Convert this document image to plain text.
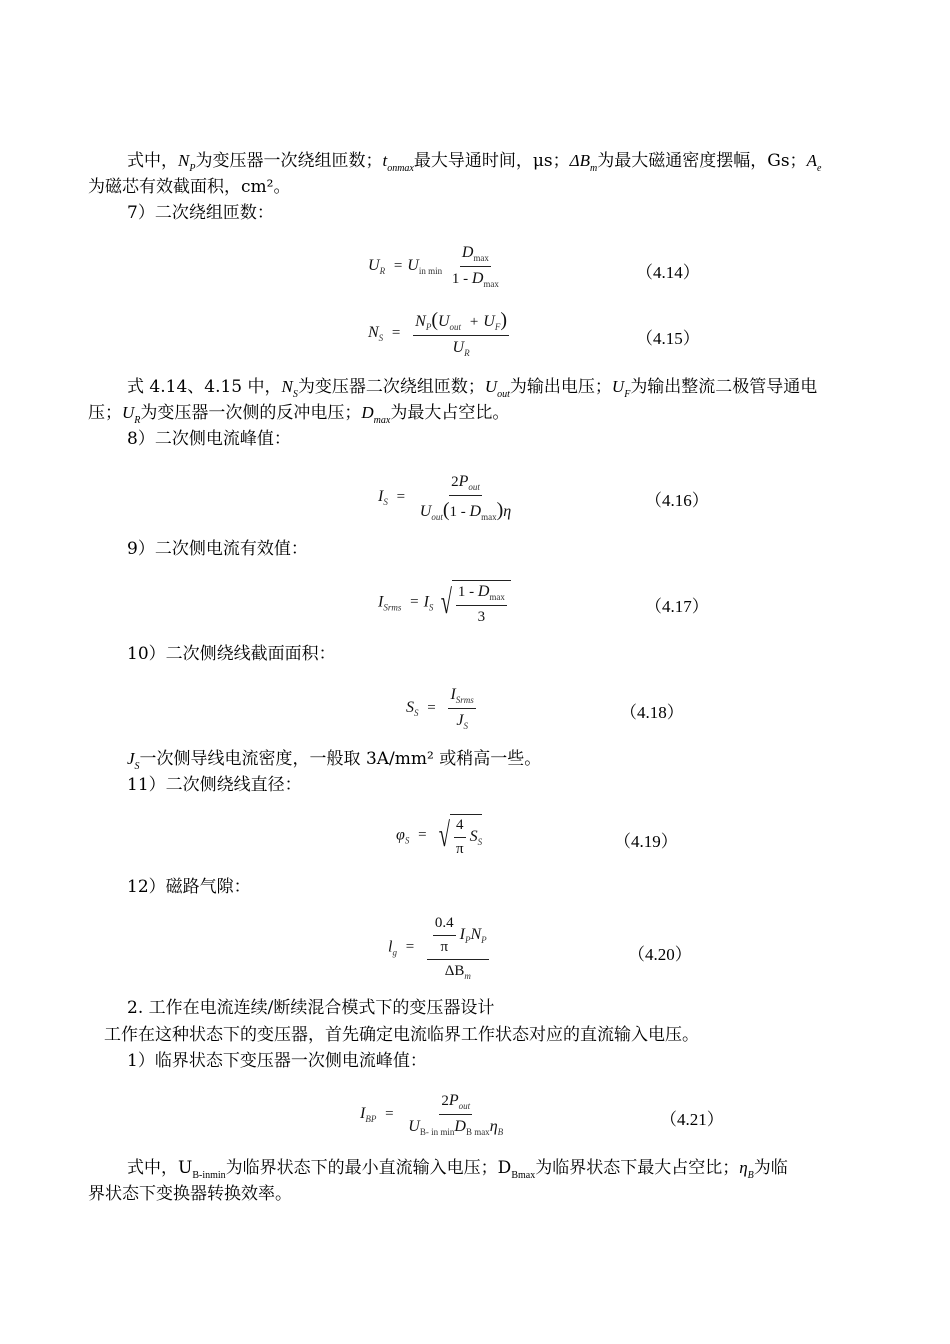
式中，$N_P$为变压器一次绕组匝数；$t_{onmax}$最大导通时间，μs；$\Delta B_m$为最大磁通密度摆幅，Gs；$A_e$
为磁芯有效截面积，cm²。
7）二次绕组匝数：
$U_R = U_{in min} \frac{D_{max}}{1 - D_{max}}$	（4.14）
$N_S = \frac{N_P(U_{out} + U_F)}{U_R}$	（4.15）
式 4.14、4.15 中，$N_S$为变压器二次绕组匝数；$U_{out}$为输出电压；$U_F$为输出整流二极管导通电
压；$U_R$为变压器一次侧的反冲电压；$D_{max}$为最大占空比。
8）二次侧电流峰值：
$I_S = \frac{2P_{out}}{U_{out}(1 - D_{max})\eta}$	（4.16）
9）二次侧电流有效值：
$I_{Srms} = I_S$ √ $\frac{1 - D_{max}}{3}$	（4.17）
10）二次侧绕线截面面积：
$S_S = \frac{I_{Srms}}{J_S}$	（4.18）
$J_S$一次侧导线电流密度，一般取 3A/mm² 或稍高一些。
11）二次侧绕线直径：
$\varphi_S$ = √ $\frac{4}{\pi} S_S$	（4.19）
12）磁路气隙：
$l_g = \frac{\frac{0.4}{\pi} I_PN_P}{\Delta B_m}$	（4.20）
2. 工作在电流连续/断续混合模式下的变压器设计
工作在这种状态下的变压器，首先确定电流临界工作状态对应的直流输入电压。
1）临界状态下变压器一次侧电流峰值：
$I_{BP} = \frac{2P_{out}}{U_{B- in min}D_{B max}\eta_B}$	（4.21）
式中，$U_{B-inmin}$为临界状态下的最小直流输入电压；$D_{Bmax}$为临界状态下最大占空比；$\eta_B$为临
界状态下变换器转换效率。
